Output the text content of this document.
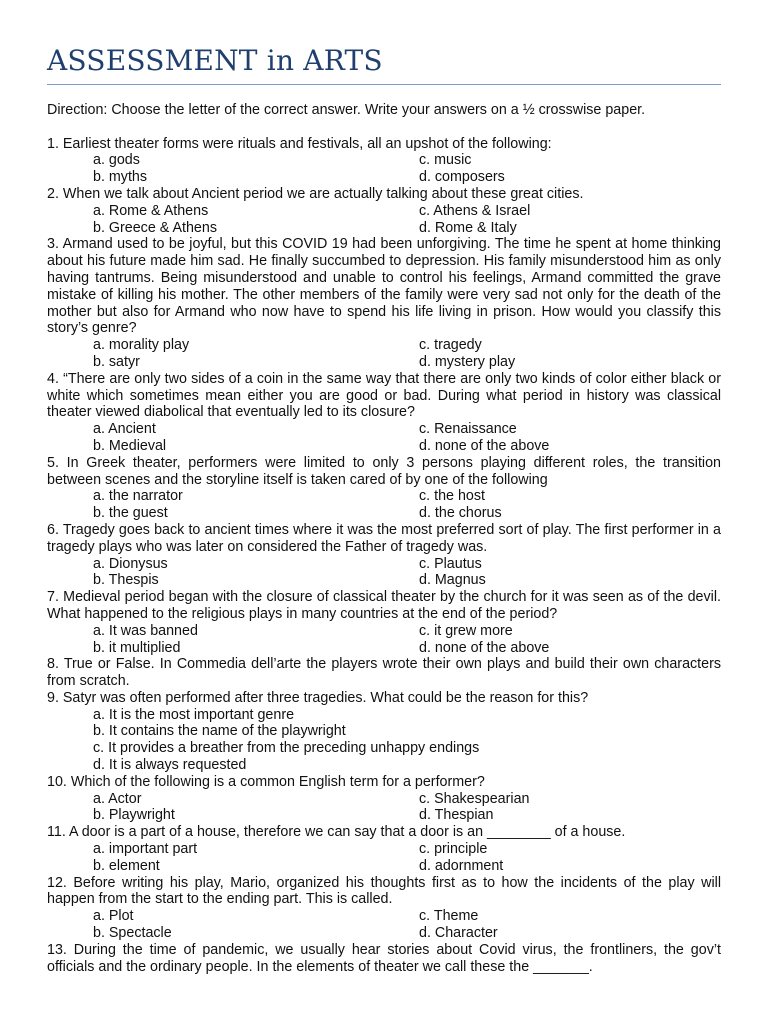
ASSESSMENT in ARTS
Direction: Choose the letter of the correct answer. Write your answers on a ½ crosswise paper.
1. Earliest theater forms were rituals and festivals, all an upshot of the following:
a. gods	c. music
b. myths	d. composers
2. When we talk about Ancient period we are actually talking about these great cities.
a. Rome & Athens	c. Athens & Israel
b. Greece & Athens	d. Rome & Italy
3. Armand used to be joyful, but this COVID 19 had been unforgiving. The time he spent at home thinking about his future made him sad. He finally succumbed to depression. His family misunderstood him as only having tantrums. Being misunderstood and unable to control his feelings, Armand committed the grave mistake of killing his mother. The other members of the family were very sad not only for the death of the mother but also for Armand who now have to spend his life living in prison. How would you classify this story’s genre?
a. morality play	c. tragedy
b. satyr	d. mystery play
4. “There are only two sides of a coin in the same way that there are only two kinds of color either black or white which sometimes mean either you are good or bad. During what period in history was classical theater viewed diabolical that eventually led to its closure?
a. Ancient	c. Renaissance
b. Medieval	d. none of the above
5. In Greek theater, performers were limited to only 3 persons playing different roles, the transition between scenes and the storyline itself is taken cared of by one of the following
a. the narrator	c. the host
b. the guest	d. the chorus
6. Tragedy goes back to ancient times where it was the most preferred sort of play. The first performer in a tragedy plays who was later on considered the Father of tragedy was.
a. Dionysus	c. Plautus
b. Thespis	d. Magnus
7. Medieval period began with the closure of classical theater by the church for it was seen as of the devil. What happened to the religious plays in many countries at the end of the period?
a. It was banned	c. it grew more
b. it multiplied	d. none of the above
8. True or False. In Commedia dell’arte the players wrote their own plays and build their own characters from scratch.
9. Satyr was often performed after three tragedies. What could be the reason for this?
a. It is the most important genre
b. It contains the name of the playwright
c. It provides a breather from the preceding unhappy endings
d. It is always requested
10. Which of the following is a common English term for a performer?
a. Actor	c. Shakespearian
b. Playwright	d. Thespian
11. A door is a part of a house, therefore we can say that a door is an ________ of a house.
a. important part	c. principle
b. element	d. adornment
12. Before writing his play, Mario, organized his thoughts first as to how the incidents of the play will happen from the start to the ending part. This is called.
a. Plot	c. Theme
b. Spectacle	d. Character
13. During the time of pandemic, we usually hear stories about Covid virus, the frontliners, the gov’t officials and the ordinary people. In the elements of theater we call these the _______.
